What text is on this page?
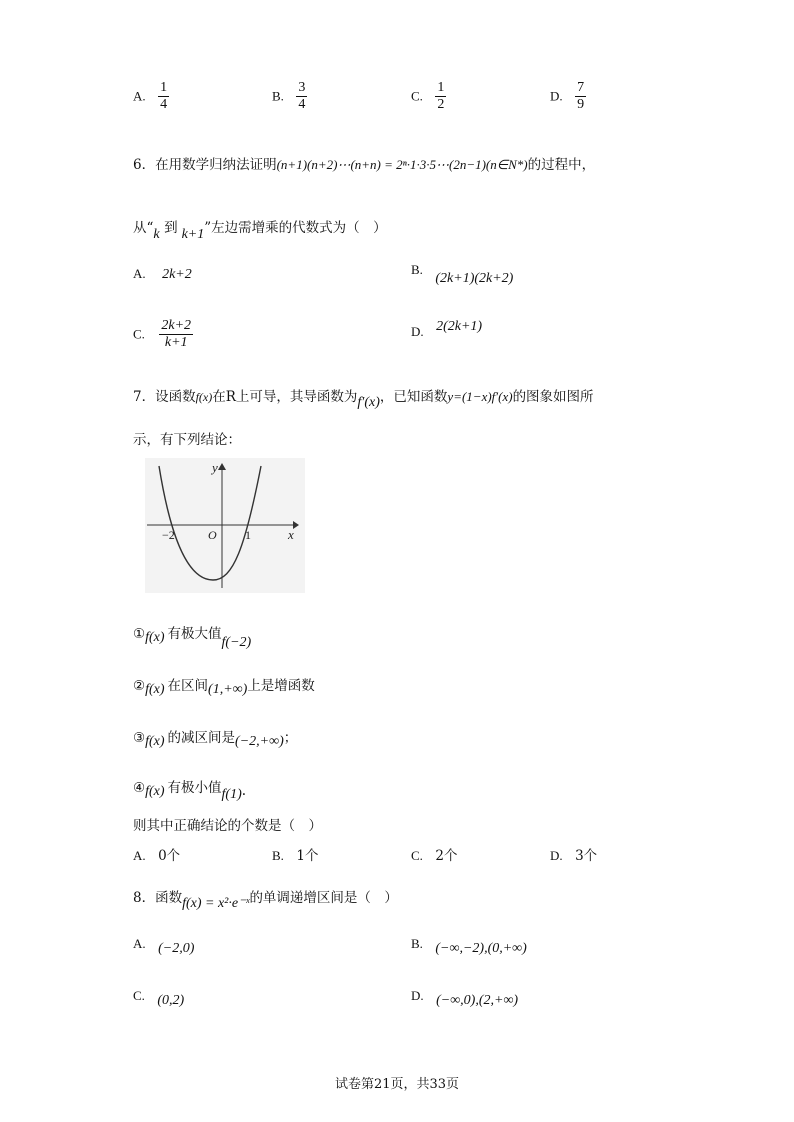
A. $\frac{1}{4}$	B. $\frac{3}{4}$	C. $\frac{1}{2}$	D. $\frac{7}{9}$
6．在用数学归纳法证明(n+1)(n+2)⋯(n+n) = 2ⁿ·1·3·5⋯(2n−1)(n∈N*)的过程中，
从“k 到 k+1”左边需增乘的代数式为（　）
A. 2k+2	B. (2k+1)(2k+2)
C. $\frac{2k+2}{k+1}$	D. 2(2k+1)
7．设函数f(x)在R上可导，其导函数为f′(x)，已知函数y=(1−x)f′(x)的图象如图所
示，有下列结论：
y
x
O
−2	1
①f(x) 有极大值f(−2)
②f(x) 在区间(1,+∞)上是增函数
③f(x) 的减区间是(−2,+∞)；
④f(x) 有极小值f(1).
则其中正确结论的个数是（　）
A. 0个	B. 1个	C. 2个	D. 3个
8．函数f(x) = x²·e⁻ˣ的单调递增区间是（　）
A. (−2,0)	B. (−∞,−2),(0,+∞)
C. (0,2)	D. (−∞,0),(2,+∞)
试卷第21页，共33页
